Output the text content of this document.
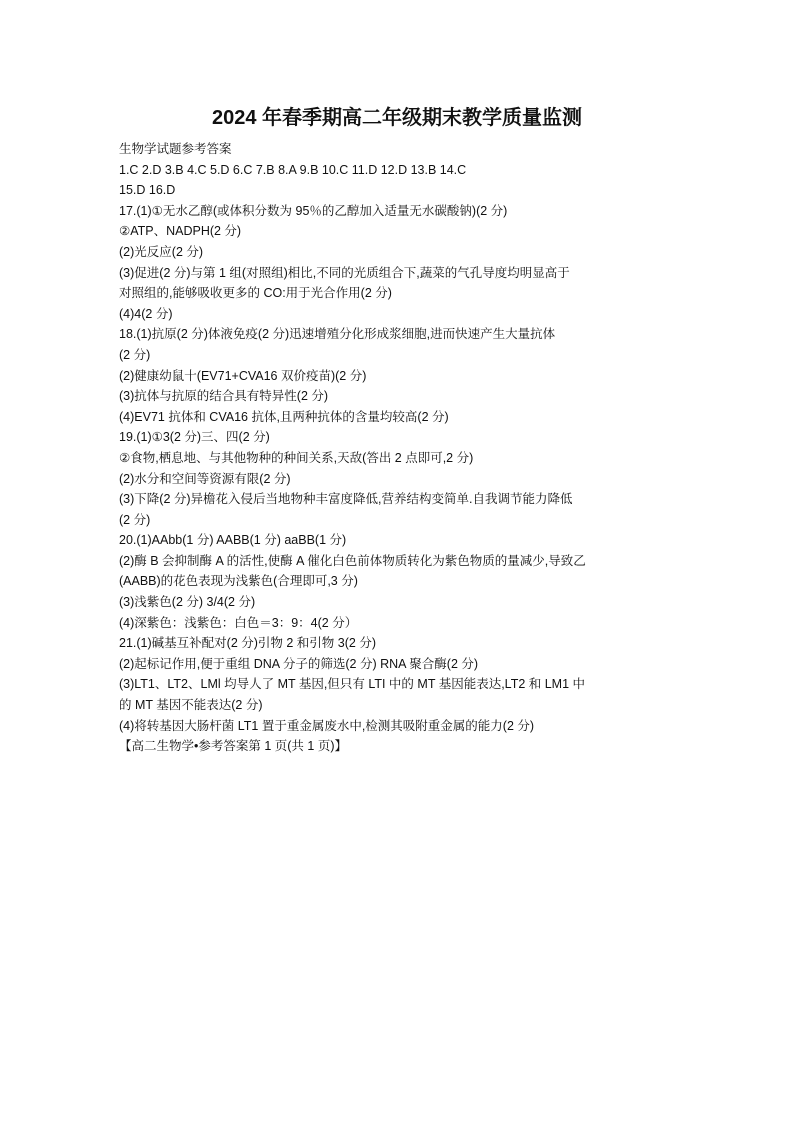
2024 年春季期高二年级期末教学质量监测
生物学试题参考答案
1.C 2.D 3.B 4.C 5.D 6.C 7.B 8.A 9.B 10.C 11.D 12.D 13.B 14.C
15.D 16.D
17.(1)①无水乙醇(或体积分数为 95％的乙醇加入适量无水碳酸钠)(2 分)
②ATP、NADPH(2 分)
(2)光反应(2 分)
(3)促进(2 分)与第 1 组(对照组)相比,不同的光质组合下,蔬菜的气孔导度均明显高于
对照组的,能够吸收更多的 CO:用于光合作用(2 分)
(4)4(2 分)
18.(1)抗原(2 分)体液免疫(2 分)迅速增殖分化形成浆细胞,进而快速产生大量抗体
(2 分)
(2)健康幼鼠十(EV71+CVA16 双价疫苗)(2 分)
(3)抗体与抗原的结合具有特异性(2 分)
(4)EV71 抗体和 CVA16 抗体,且两种抗体的含量均较高(2 分)
19.(1)①3(2 分)三、四(2 分)
②食物,栖息地、与其他物种的种间关系,天敌(答出 2 点即可,2 分)
(2)水分和空间等资源有限(2 分)
(3)下降(2 分)异檐花入侵后当地物种丰富度降低,营养结构变简单.自我调节能力降低
(2 分)
20.(1)AAbb(1 分) AABB(1 分) aaBB(1 分)
(2)酶 B 会抑制酶 A 的活性,使酶 A 催化白色前体物质转化为紫色物质的量减少,导致乙
(AABB)的花色表现为浅紫色(合理即可,3 分)
(3)浅紫色(2 分) 3/4(2 分)
(4)深紫色：浅紫色：白色＝3：9：4(2 分）
21.(1)碱基互补配对(2 分)引物 2 和引物 3(2 分)
(2)起标记作用,便于重组 DNA 分子的筛选(2 分) RNA 聚合酶(2 分)
(3)LT1、LT2、LMl 均导人了 MT 基因,但只有 LTI 中的 MT 基因能表达,LT2 和 LM1 中
的 MT 基因不能表达(2 分)
(4)将转基因大肠杆菌 LT1 置于重金属废水中,检测其吸附重金属的能力(2 分)
【高二生物学•参考答案第 1 页(共 1 页)】
